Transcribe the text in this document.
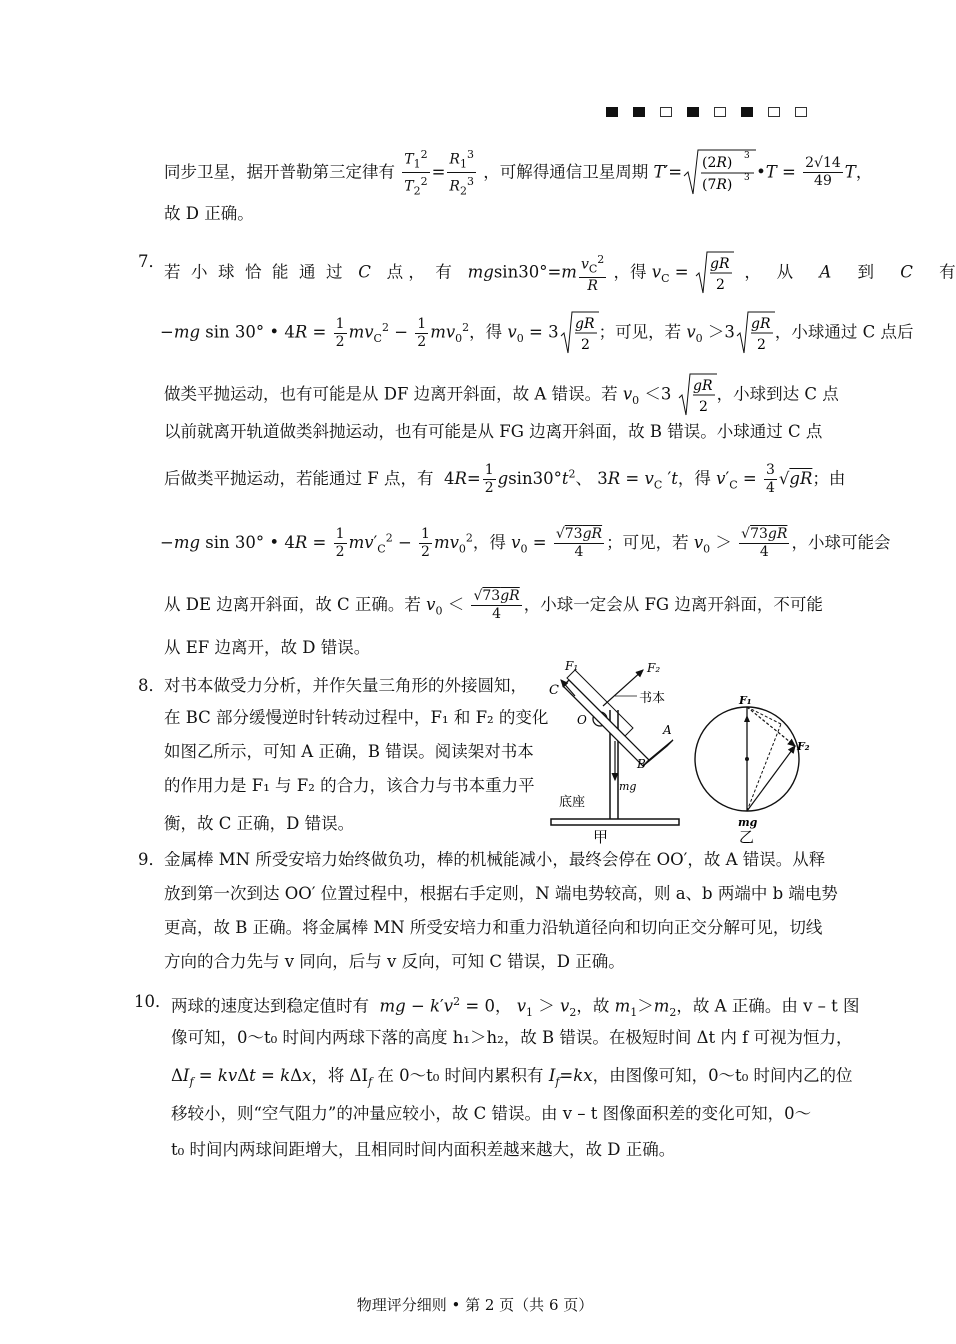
同步卫星，据开普勒第三定律有 $\frac{T_1^2}{T_2^2} = \frac{R_1^3}{R_2^3}$ ，可解得通信卫星周期 T′= (2R) 3
(7R) 3 •T = $\frac{2√14}{49}$ T，
故 D 正确。
7．
若 小 球 恰 能 通 过 C 点 ， 有 $mgsin30^\circ=m \frac{v_C^2}{R}$ ，得 $v_C$ = gR
2
， 从 A 到 C 有
−mg sin 30° • $4R = \frac{1}{2} mv_C^2 - \frac{1}{2} mv_0^2$，得 $v_0 = 3$ gR
2
；可见，若 $v_0 >3$ gR
2
，小球通过 C 点后
做类平抛运动，也有可能是从 DF 边离开斜面，故 A 错误。若 $v_0 <3$ gR
2
，小球到达 C 点
以前就离开轨道做类斜抛运动，也有可能是从 FG 边离开斜面，故 B 错误。小球通过 C 点
后做类平抛运动，若能通过 F 点，有  $4R= \frac{1}{2} gsin30^\circ t^2$、 $3R = v_C$ ′t，得 $v'_C = \frac{3}{4} √gR$；由
−mg sin 30° • $4R = \frac{1}{2} mv'_C^2 - \frac{1}{2} mv_0^2$，得 $v_0 = \frac{√73gR}{4}$ ；可见，若 $v_0 > \frac{√73gR}{4}$ ，小球可能会
从 DE 边离开斜面，故 C 正确。若 $v_0 < \frac{√73gR}{4}$ ，小球一定会从 FG 边离开斜面，不可能
从 EF 边离开，故 D 错误。
8． 对书本做受力分析，并作矢量三角形的外接圆知，
在 BC 部分缓慢逆时针转动过程中，F₁ 和 F₂ 的变化
如图乙所示，可知 A 正确，B 错误。阅读架对书本
的作用力是 F₁ 与 F₂ 的合力，该合力与书本重力平
衡，故 C 正确，D 错误。
F₁	F₂
C
书本
O
A
B
mg
底座
甲
F₁
F₂
mg
乙
9． 金属棒 MN 所受安培力始终做负功，棒的机械能减小，最终会停在 OO′，故 A 错误。从释
放到第一次到达 OO′ 位置过程中，根据右手定则，N 端电势较高，则 a、b 两端中 b 端电势
更高，故 B 正确。将金属棒 MN 所受安培力和重力沿轨道径向和切向正交分解可见，切线
方向的合力先与 v 同向，后与 v 反向，可知 C 错误，D 正确。
10． 两球的速度达到稳定值时有 mg − $k'v^2 = 0$， $v_1 > v_2$，故 $m_1>m_2$，故 A 正确。由 v – t 图
像可知，0～t₀ 时间内两球下落的高度 h₁＞h₂，故 B 错误。在极短时间 Δt 内 f 可视为恒力，
$\Delta I_f = kv\Delta t = k\Delta x$，将 $\Delta I_f$ 在 0～t₀ 时间内累积有 $I_f=kx$，由图像可知，0～t₀ 时间内乙的位
移较小，则“空气阻力”的冲量应较小，故 C 错误。由 v – t 图像面积差的变化可知，0～
t₀ 时间内两球间距增大，且相同时间内面积差越来越大，故 D 正确。
物理评分细则 • 第 2 页（共 6 页）
